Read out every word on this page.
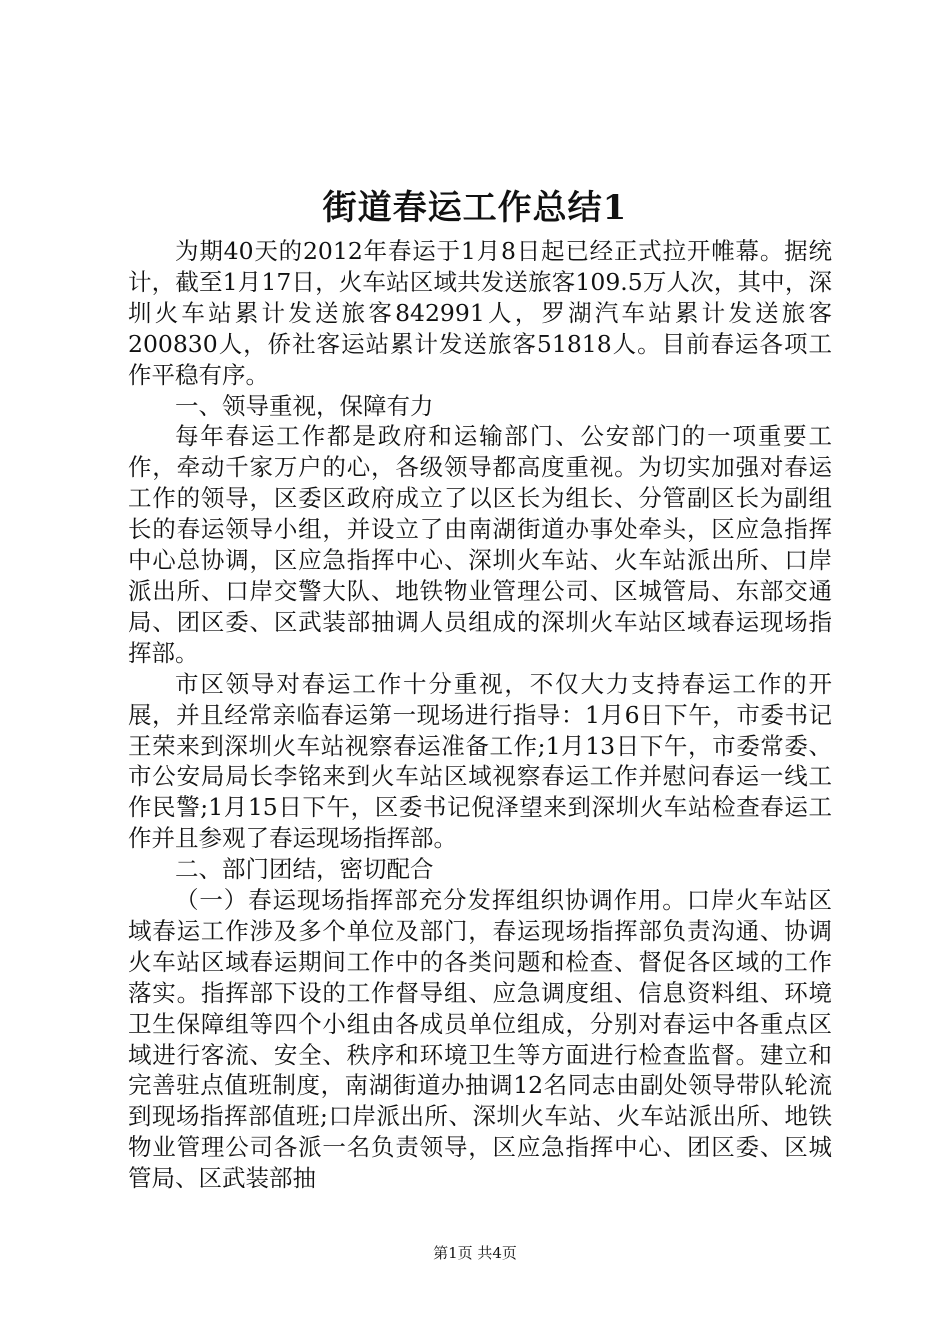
街道春运工作总结1

为期40天的2012年春运于1月8日起已经正式拉开帷幕。据统计，截至1月17日，火车站区域共发送旅客109.5万人次，其中，深圳火车站累计发送旅客842991人，罗湖汽车站累计发送旅客200830人，侨社客运站累计发送旅客51818人。目前春运各项工作平稳有序。

一、领导重视，保障有力

每年春运工作都是政府和运输部门、公安部门的一项重要工作，牵动千家万户的心，各级领导都高度重视。为切实加强对春运工作的领导，区委区政府成立了以区长为组长、分管副区长为副组长的春运领导小组，并设立了由南湖街道办事处牵头，区应急指挥中心总协调，区应急指挥中心、深圳火车站、火车站派出所、口岸派出所、口岸交警大队、地铁物业管理公司、区城管局、东部交通局、团区委、区武装部抽调人员组成的深圳火车站区域春运现场指挥部。

市区领导对春运工作十分重视，不仅大力支持春运工作的开展，并且经常亲临春运第一现场进行指导：1月6日下午，市委书记王荣来到深圳火车站视察春运准备工作;1月13日下午，市委常委、市公安局局长李铭来到火车站区域视察春运工作并慰问春运一线工作民警;1月15日下午，区委书记倪泽望来到深圳火车站检查春运工作并且参观了春运现场指挥部。

二、部门团结，密切配合

（一）春运现场指挥部充分发挥组织协调作用。口岸火车站区域春运工作涉及多个单位及部门，春运现场指挥部负责沟通、协调火车站区域春运期间工作中的各类问题和检查、督促各区域的工作落实。指挥部下设的工作督导组、应急调度组、信息资料组、环境卫生保障组等四个小组由各成员单位组成，分别对春运中各重点区域进行客流、安全、秩序和环境卫生等方面进行检查监督。建立和完善驻点值班制度，南湖街道办抽调12名同志由副处领导带队轮流到现场指挥部值班;口岸派出所、深圳火车站、火车站派出所、地铁物业管理公司各派一名负责领导，区应急指挥中心、团区委、区城管局、区武装部抽

第1页 共4页
